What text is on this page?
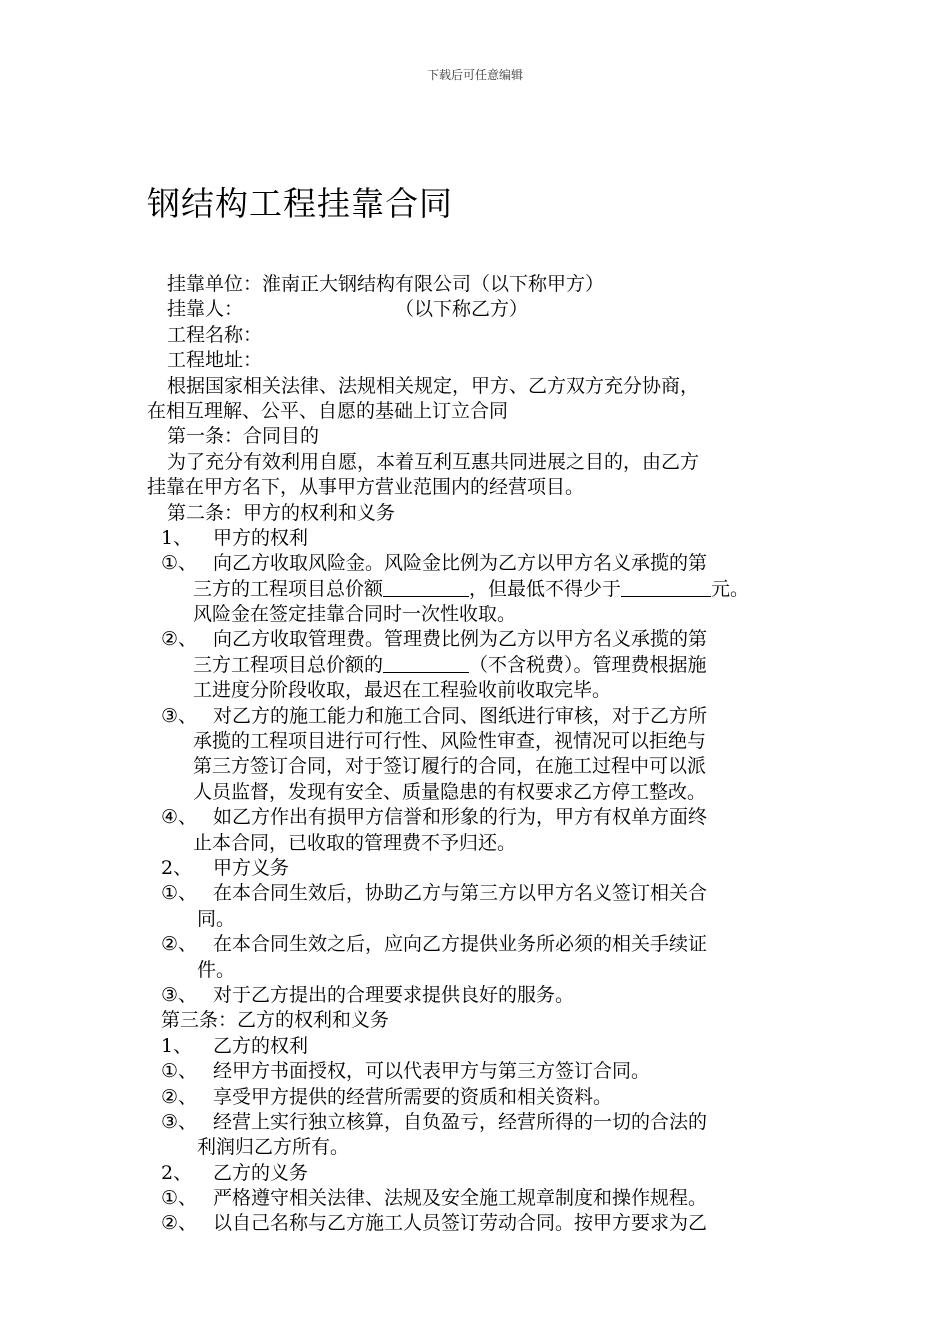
下载后可任意编辑
钢结构工程挂靠合同
挂靠单位：淮南正大钢结构有限公司（以下称甲方）
挂靠人：	（以下称乙方）
工程名称：
工程地址：
根据国家相关法律、法规相关规定，甲方、乙方双方充分协商，
在相互理解、公平、自愿的基础上订立合同
第一条：合同目的
为了充分有效利用自愿，本着互利互惠共同进展之目的，由乙方
挂靠在甲方名下，从事甲方营业范围内的经营项目。
第二条：甲方的权利和义务
1、 甲方的权利
①、 向乙方收取风险金。风险金比例为乙方以甲方名义承揽的第
三方的工程项目总价额	，但最低不得少于	元。
风险金在签定挂靠合同时一次性收取。
②、 向乙方收取管理费。管理费比例为乙方以甲方名义承揽的第
三方工程项目总价额的	（不含税费）。管理费根据施
工进度分阶段收取，最迟在工程验收前收取完毕。
③、 对乙方的施工能力和施工合同、图纸进行审核，对于乙方所
承揽的工程项目进行可行性、风险性审查，视情况可以拒绝与
第三方签订合同，对于签订履行的合同，在施工过程中可以派
人员监督，发现有安全、质量隐患的有权要求乙方停工整改。
④、 如乙方作出有损甲方信誉和形象的行为，甲方有权单方面终
止本合同，已收取的管理费不予归还。
2、 甲方义务
①、 在本合同生效后，协助乙方与第三方以甲方名义签订相关合
同。
②、 在本合同生效之后，应向乙方提供业务所必须的相关手续证
件。
③、 对于乙方提出的合理要求提供良好的服务。
第三条：乙方的权利和义务
1、 乙方的权利
①、 经甲方书面授权，可以代表甲方与第三方签订合同。
②、 享受甲方提供的经营所需要的资质和相关资料。
③、 经营上实行独立核算，自负盈亏，经营所得的一切的合法的
利润归乙方所有。
2、 乙方的义务
①、 严格遵守相关法律、法规及安全施工规章制度和操作规程。
②、 以自己名称与乙方施工人员签订劳动合同。按甲方要求为乙
